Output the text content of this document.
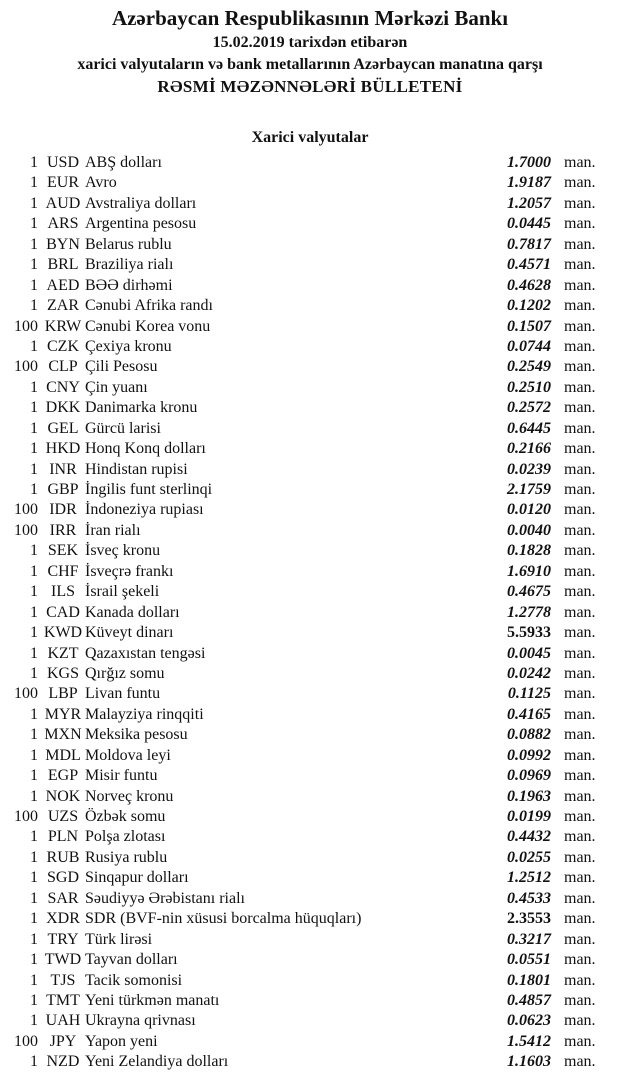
Azərbaycan Respublikasının Mərkəzi Bankı
15.02.2019 tarixdən etibarən
xarici valyutaların və bank metallarının Azərbaycan manatına qarşı
RƏSMİ MƏZƏNNƏLƏRİ BÜLLETENİ
Xarici valyutalar
1 USD ABŞ dolları	1.7000 man.
1 EUR Avro	1.9187 man.
1 AUD Avstraliya dolları	1.2057 man.
1 ARS Argentina pesosu	0.0445 man.
1 BYN Belarus rublu	0.7817 man.
1 BRL Braziliya rialı	0.4571 man.
1 AED BƏƏ dirhəmi	0.4628 man.
1 ZAR Cənubi Afrika randı	0.1202 man.
100 KRW Cənubi Korea vonu	0.1507 man.
1 CZK Çexiya kronu	0.0744 man.
100 CLP Çili Pesosu	0.2549 man.
1 CNY Çin yuanı	0.2510 man.
1 DKK Danimarka kronu	0.2572 man.
1 GEL Gürcü larisi	0.6445 man.
1 HKD Honq Konq dolları	0.2166 man.
1 INR Hindistan rupisi	0.0239 man.
1 GBP İngilis funt sterlinqi	2.1759 man.
100 IDR İndoneziya rupiası	0.0120 man.
100 IRR İran rialı	0.0040 man.
1 SEK İsveç kronu	0.1828 man.
1 CHF İsveçrə frankı	1.6910 man.
1 ILS İsrail şekeli	0.4675 man.
1 CAD Kanada dolları	1.2778 man.
1 KWD Küveyt dinarı	5.5933 man.
1 KZT Qazaxıstan tengəsi	0.0045 man.
1 KGS Qırğız somu	0.0242 man.
100 LBP Livan funtu	0.1125 man.
1 MYR Malayziya rinqqiti	0.4165 man.
1 MXN Meksika pesosu	0.0882 man.
1 MDL Moldova leyi	0.0992 man.
1 EGP Misir funtu	0.0969 man.
1 NOK Norveç kronu	0.1963 man.
100 UZS Özbək somu	0.0199 man.
1 PLN Polşa zlotası	0.4432 man.
1 RUB Rusiya rublu	0.0255 man.
1 SGD Sinqapur dolları	1.2512 man.
1 SAR Səudiyyə Ərəbistanı rialı	0.4533 man.
1 XDR SDR (BVF-nin xüsusi borcalma hüquqları)	2.3553 man.
1 TRY Türk lirəsi	0.3217 man.
1 TWD Tayvan dolları	0.0551 man.
1 TJS Tacik somonisi	0.1801 man.
1 TMT Yeni türkmən manatı	0.4857 man.
1 UAH Ukrayna qrivnası	0.0623 man.
100 JPY Yapon yeni	1.5412 man.
1 NZD Yeni Zelandiya dolları	1.1603 man.
